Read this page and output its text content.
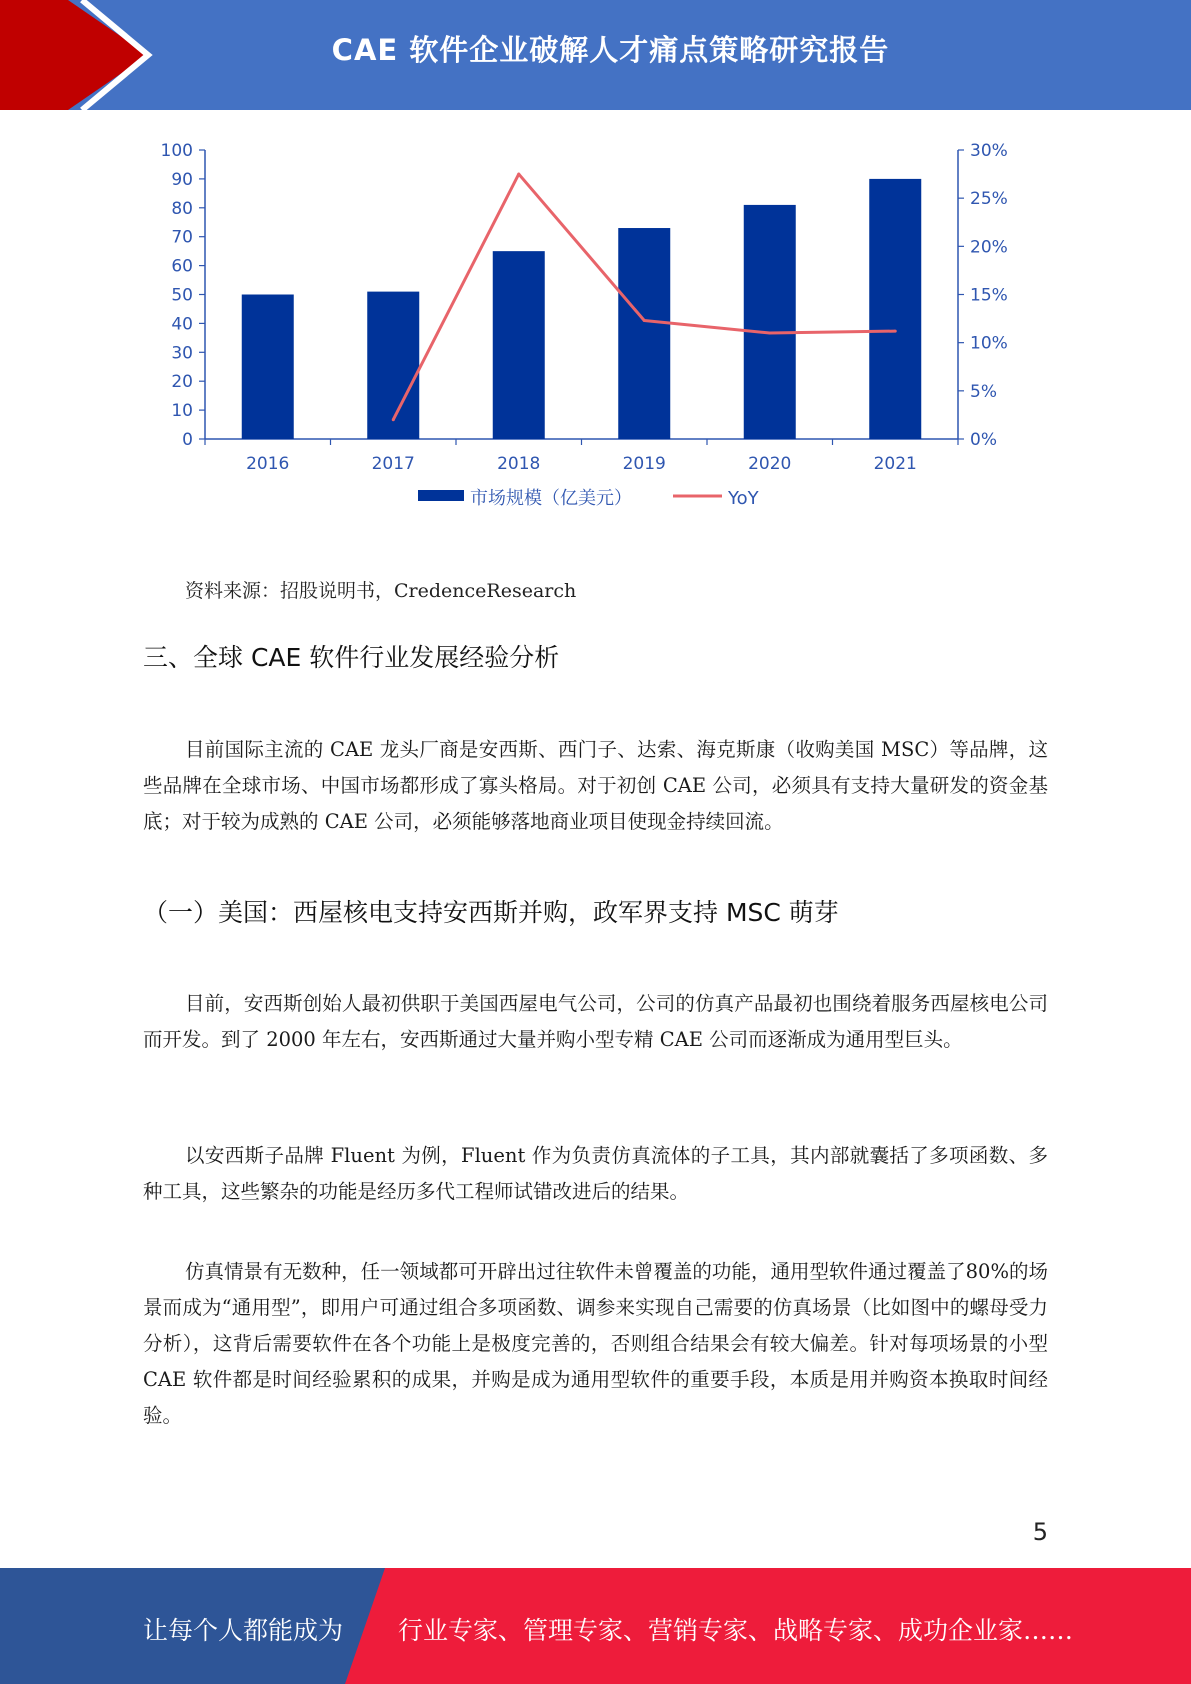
CAE 软件企业破解人才痛点策略研究报告
0
10
20
30
40
50
60
70
80
90
100
0%
5%
10%
15%
20%
25%
30%
2016	2017	2018	2019	2020	2021
市场规模（亿美元）	YoY
资料来源：招股说明书，CredenceResearch
三、全球 CAE 软件行业发展经验分析

目前国际主流的 CAE 龙头厂商是安西斯、西门子、达索、海克斯康（收购美国 MSC）等品牌，这些品牌在全球市场、中国市场都形成了寡头格局。对于初创 CAE 公司，必须具有支持大量研发的资金基底；对于较为成熟的 CAE 公司，必须能够落地商业项目使现金持续回流。

（一）美国：西屋核电支持安西斯并购，政军界支持 MSC 萌芽

目前，安西斯创始人最初供职于美国西屋电气公司，公司的仿真产品最初也围绕着服务西屋核电公司而开发。到了 2000 年左右，安西斯通过大量并购小型专精 CAE 公司而逐渐成为通用型巨头。

以安西斯子品牌 Fluent 为例，Fluent 作为负责仿真流体的子工具，其内部就囊括了多项函数、多种工具，这些繁杂的功能是经历多代工程师试错改进后的结果。

仿真情景有无数种，任一领域都可开辟出过往软件未曾覆盖的功能，通用型软件通过覆盖了80%的场景而成为“通用型”，即用户可通过组合多项函数、调参来实现自己需要的仿真场景（比如图中的螺母受力分析），这背后需要软件在各个功能上是极度完善的，否则组合结果会有较大偏差。针对每项场景的小型 CAE 软件都是时间经验累积的成果，并购是成为通用型软件的重要手段，本质是用并购资本换取时间经验。

5
让每个人都能成为 行业专家、管理专家、营销专家、战略专家、成功企业家……
